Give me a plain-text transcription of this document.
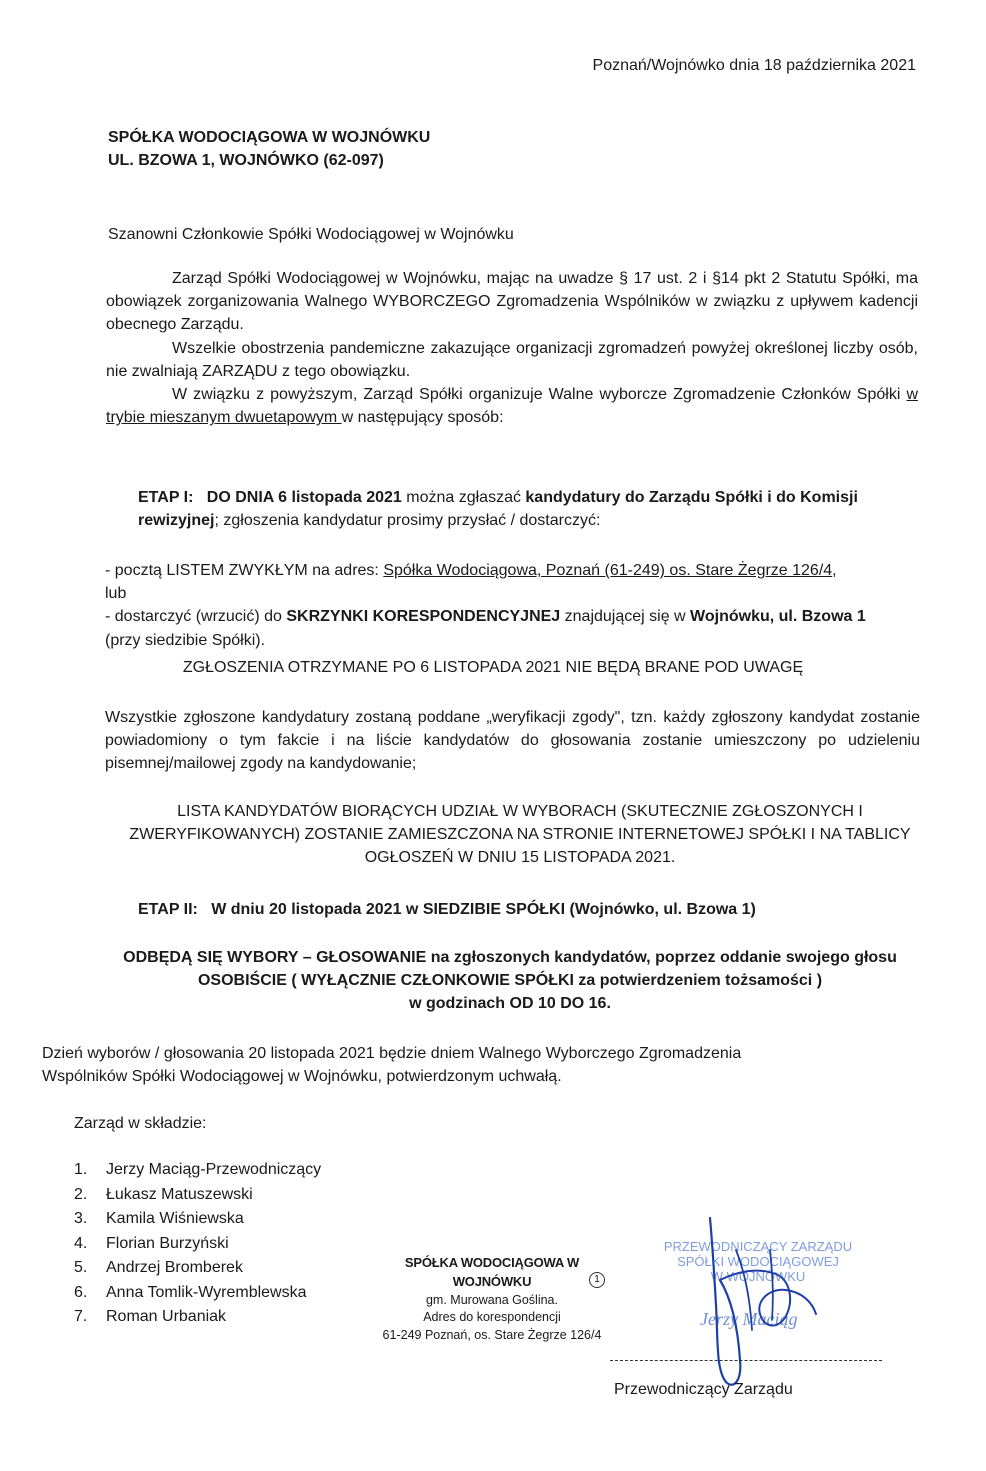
Poznań/Wojnówko dnia 18 października 2021
SPÓŁKA WODOCIĄGOWA W WOJNÓWKU
UL. BZOWA 1, WOJNÓWKO (62-097)
Szanowni Członkowie Spółki Wodociągowej w Wojnówku

Zarząd Spółki Wodociągowej w Wojnówku, mając na uwadze § 17 ust. 2 i §14 pkt 2 Statutu Spółki, ma obowiązek zorganizowania Walnego WYBORCZEGO Zgromadzenia Wspólników w związku z upływem kadencji obecnego Zarządu.

Wszelkie obostrzenia pandemiczne zakazujące organizacji zgromadzeń powyżej określonej liczby osób, nie zwalniają ZARZĄDU z tego obowiązku.

W związku z powyższym, Zarząd Spółki organizuje Walne wyborcze Zgromadzenie Członków Spółki w trybie mieszanym dwuetapowym w następujący sposób:

ETAP I: DO DNIA 6 listopada 2021 można zgłaszać kandydatury do Zarządu Spółki i do Komisji rewizyjnej; zgłoszenia kandydatur prosimy przysłać / dostarczyć:
- pocztą LISTEM ZWYKŁYM na adres: Spółka Wodociągowa, Poznań (61-249) os. Stare Żegrze 126/4,
lub
- dostarczyć (wrzucić) do SKRZYNKI KORESPONDENCYJNEJ znajdującej się w Wojnówku, ul. Bzowa 1
(przy siedzibie Spółki).
ZGŁOSZENIA OTRZYMANE PO 6 LISTOPADA 2021 NIE BĘDĄ BRANE POD UWAGĘ
Wszystkie zgłoszone kandydatury zostaną poddane „weryfikacji zgody", tzn. każdy zgłoszony kandydat zostanie powiadomiony o tym fakcie i na liście kandydatów do głosowania zostanie umieszczony po udzieleniu pisemnej/mailowej zgody na kandydowanie;
LISTA KANDYDATÓW BIORĄCYCH UDZIAŁ W WYBORACH (SKUTECZNIE ZGŁOSZONYCH I
ZWERYFIKOWANYCH) ZOSTANIE ZAMIESZCZONA NA STRONIE INTERNETOWEJ SPÓŁKI I NA TABLICY
OGŁOSZEŃ W DNIU 15 LISTOPADA 2021.
ETAP II: W dniu 20 listopada 2021 w SIEDZIBIE SPÓŁKI (Wojnówko, ul. Bzowa 1)
ODBĘDĄ SIĘ WYBORY – GŁOSOWANIE na zgłoszonych kandydatów, poprzez oddanie swojego głosu
OSOBIŚCIE ( WYŁĄCZNIE CZŁONKOWIE SPÓŁKI za potwierdzeniem tożsamości )
w godzinach OD 10 DO 16.
Dzień wyborów / głosowania 20 listopada 2021 będzie dniem Walnego Wyborczego Zgromadzenia
Wspólników Spółki Wodociągowej w Wojnówku, potwierdzonym uchwałą.
Zarząd w składzie:
1. Jerzy Maciąg-Przewodniczący
2. Łukasz Matuszewski
3. Kamila Wiśniewska
4. Florian Burzyński
5. Andrzej Bromberek
6. Anna Tomlik-Wyremblewska
7. Roman Urbaniak
SPÓŁKA WODOCIĄGOWA W WOJNÓWKU
gm. Murowana Goślina.
Adres do korespondencji
61-249 Poznań, os. Stare Żegrze 126/4
1
PRZEWODNICZĄCY ZARZĄDU
SPÓŁKI WODOCIĄGOWEJ
W WOJNÓWKU
Jerzy Maciąg
Przewodniczący Zarządu
